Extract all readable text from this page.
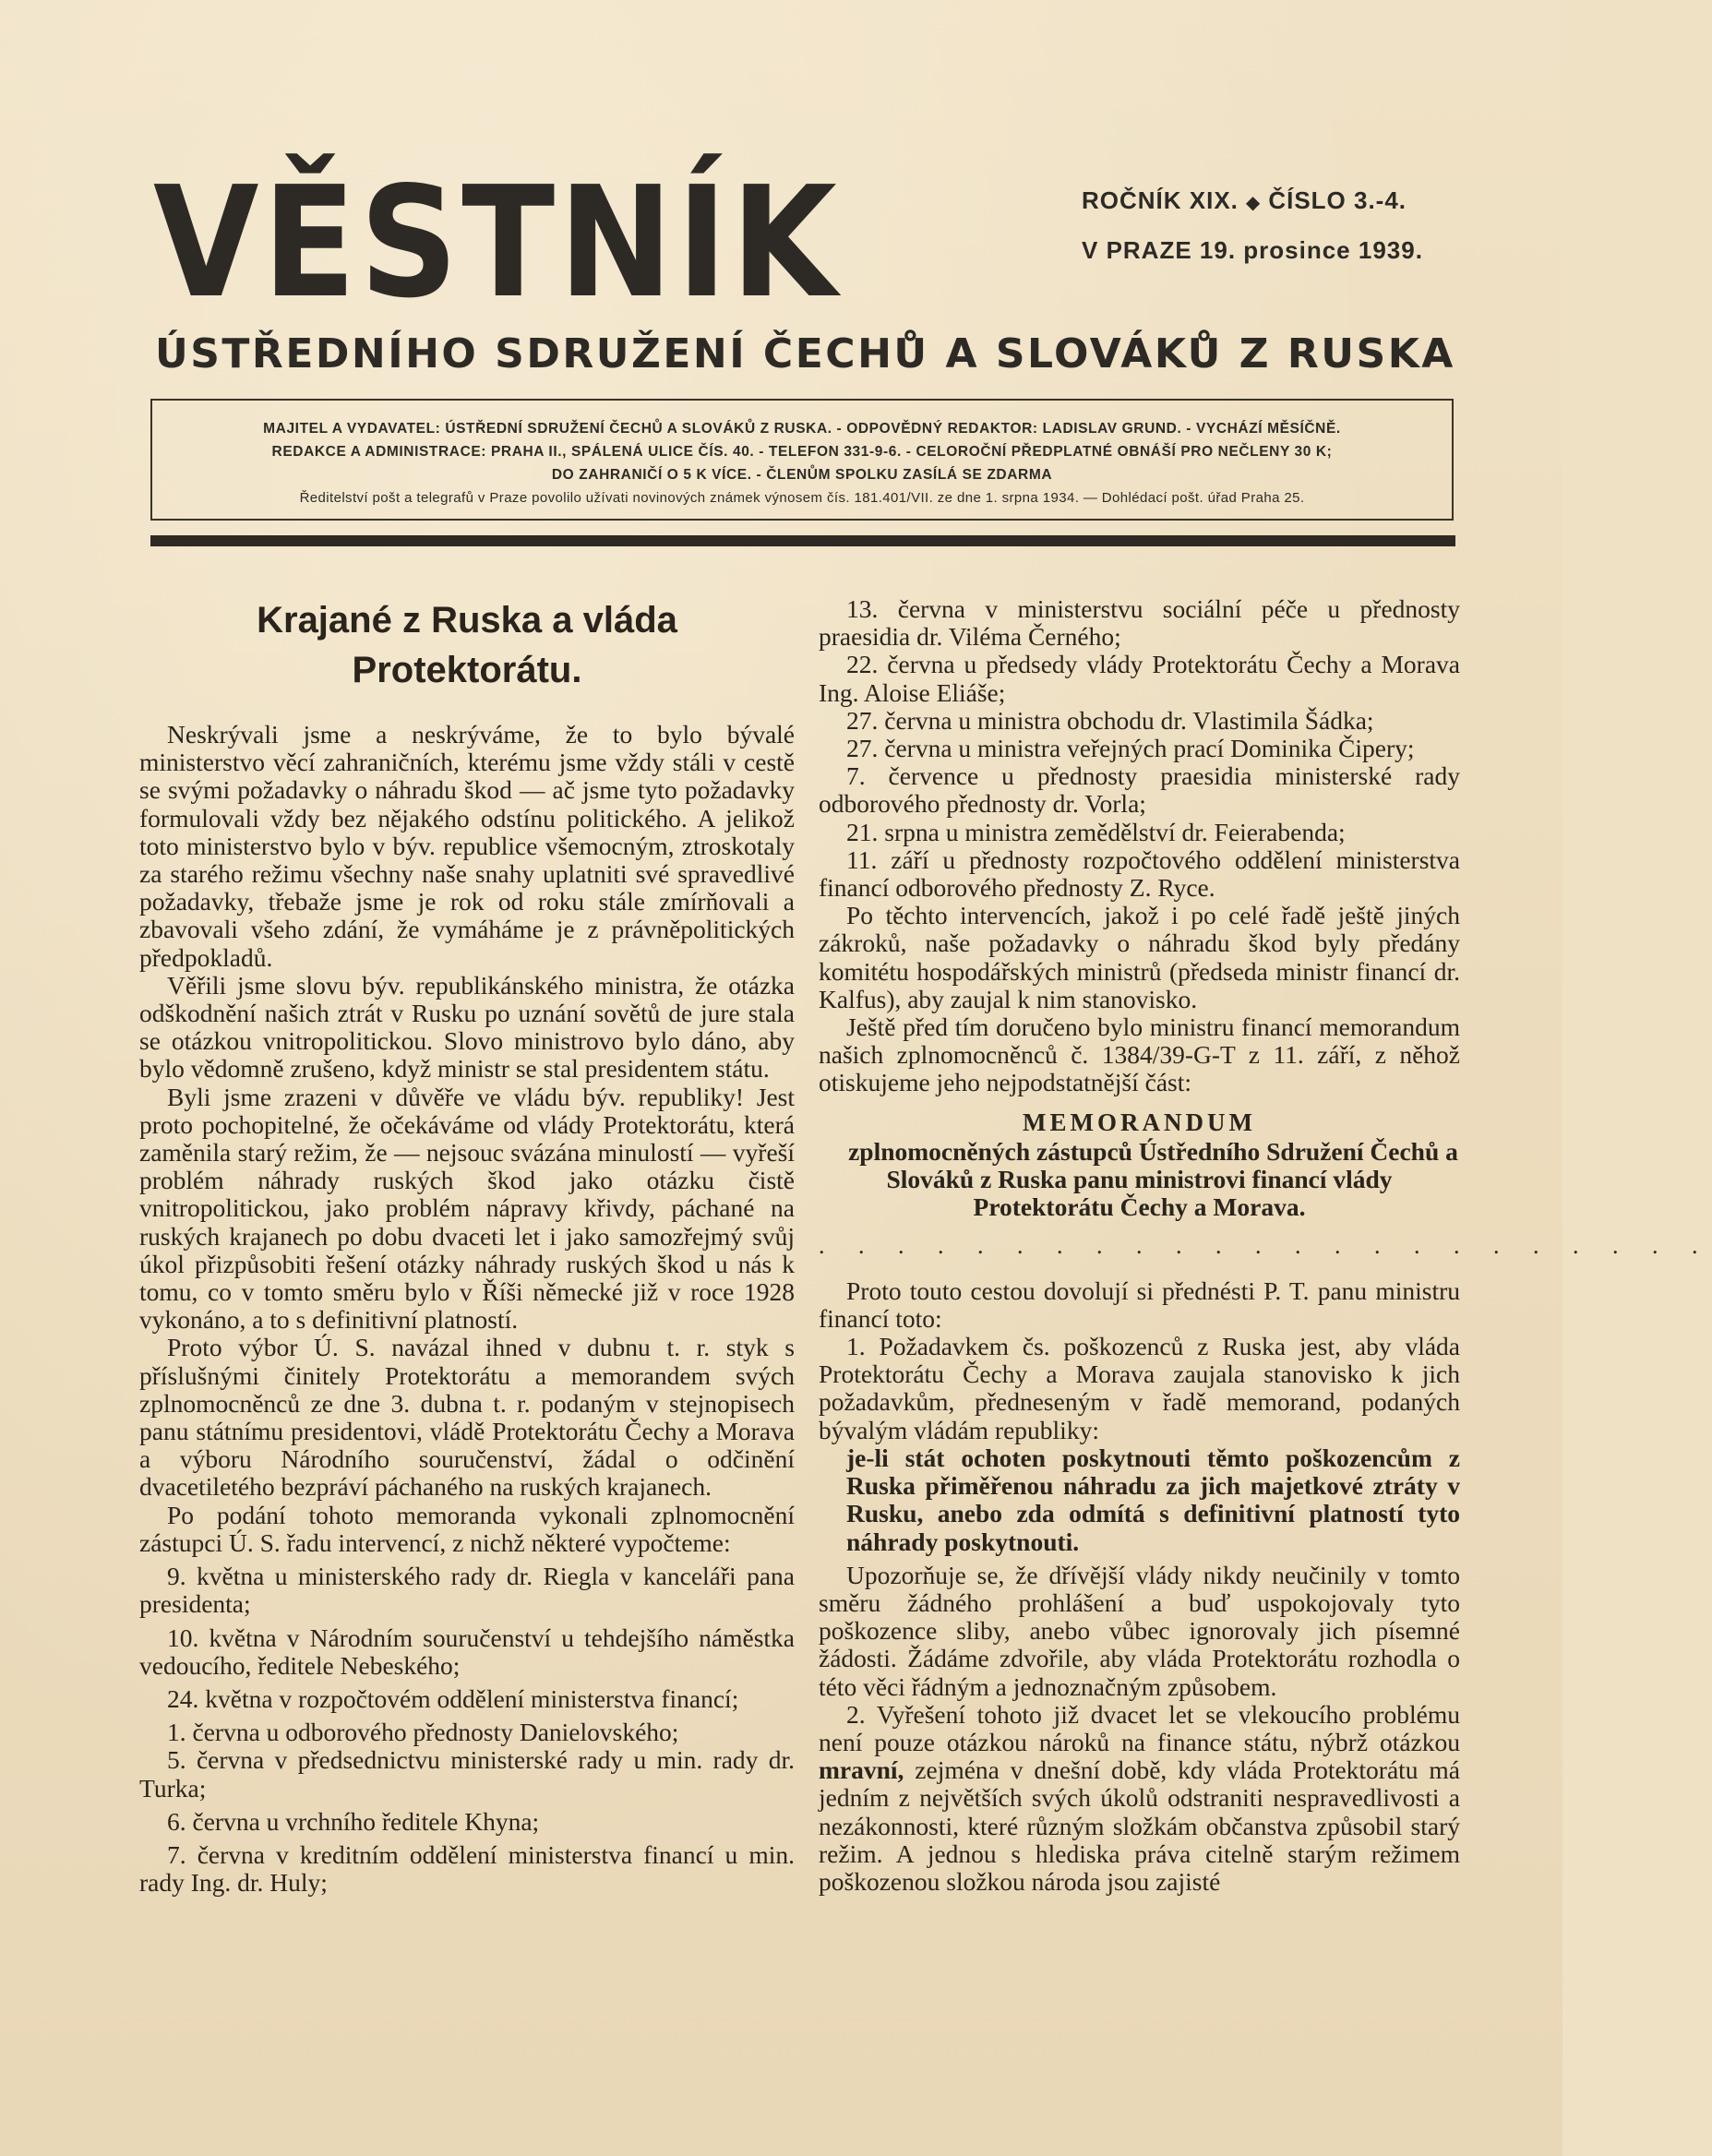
VĚSTNÍK	ROČNÍK XIX. ◆ ČÍSLO 3.-4.
V PRAZE 19. prosince 1939.
ÚSTŘEDNÍHO SDRUŽENÍ ČECHŮ A SLOVÁKŮ Z RUSKA
MAJITEL A VYDAVATEL: ÚSTŘEDNÍ SDRUŽENÍ ČECHŮ A SLOVÁKŮ Z RUSKA. - ODPOVĚDNÝ REDAKTOR: LADISLAV GRUND. - VYCHÁZÍ MĚSÍČNĚ.
REDAKCE A ADMINISTRACE: PRAHA II., SPÁLENÁ ULICE ČÍS. 40. - TELEFON 331-9-6. - CELOROČNÍ PŘEDPLATNÉ OBNÁŠÍ PRO NEČLENY 30 K;
DO ZAHRANIČÍ O 5 K VÍCE. - ČLENŮM SPOLKU ZASÍLÁ SE ZDARMA
Ředitelství pošt a telegrafů v Praze povolilo užívati novinových známek výnosem čís. 181.401/VII. ze dne 1. srpna 1934. — Dohlédací pošt. úřad Praha 25.
Krajané z Ruska a vláda
Protektorátu.

Neskrývali jsme a neskrýváme, že to bylo bývalé ministerstvo věcí zahraničních, kterému jsme vždy stáli v cestě se svými požadavky o náhradu škod — ač jsme tyto požadavky formulovali vždy bez nějakého odstínu politického. A jelikož toto ministerstvo bylo v býv. republice všemocným, ztroskotaly za starého režimu všechny naše snahy uplatniti své spravedlivé požadavky, třebaže jsme je rok od roku stále zmírňovali a zbavovali všeho zdání, že vymáháme je z právněpolitických předpokladů.

Věřili jsme slovu býv. republikánského ministra, že otázka odškodnění našich ztrát v Rusku po uznání sovětů de jure stala se otázkou vnitropolitickou. Slovo ministrovo bylo dáno, aby bylo vědomně zrušeno, když ministr se stal presidentem státu.

Byli jsme zrazeni v důvěře ve vládu býv. republiky! Jest proto pochopitelné, že očekáváme od vlády Protektorátu, která zaměnila starý režim, že — nejsouc svázána minulostí — vyřeší problém náhrady ruských škod jako otázku čistě vnitropolitickou, jako problém nápravy křivdy, páchané na ruských krajanech po dobu dvaceti let i jako samozřejmý svůj úkol přizpůsobiti řešení otázky náhrady ruských škod u nás k tomu, co v tomto směru bylo v Říši německé již v roce 1928 vykonáno, a to s definitivní platností.

Proto výbor Ú. S. navázal ihned v dubnu t. r. styk s příslušnými činitely Protektorátu a memorandem svých zplnomocněnců ze dne 3. dubna t. r. podaným v stejnopisech panu státnímu presidentovi, vládě Protektorátu Čechy a Morava a výboru Národního souručenství, žádal o odčinění dvacetiletého bezpráví páchaného na ruských krajanech.

Po podání tohoto memoranda vykonali zplnomocnění zástupci Ú. S. řadu intervencí, z nichž některé vypočteme:

9. května u ministerského rady dr. Riegla v kanceláři pana presidenta;

10. května v Národním souručenství u tehdejšího náměstka vedoucího, ředitele Nebeského;

24. května v rozpočtovém oddělení ministerstva financí;

1. června u odborového přednosty Danielovského;

5. června v předsednictvu ministerské rady u min. rady dr. Turka;

6. června u vrchního ředitele Khyna;

7. června v kreditním oddělení ministerstva financí u min. rady Ing. dr. Huly;

13. června v ministerstvu sociální péče u přednosty praesidia dr. Viléma Černého;

22. června u předsedy vlády Protektorátu Čechy a Morava Ing. Aloise Eliáše;

27. června u ministra obchodu dr. Vlastimila Šádka;

27. června u ministra veřejných prací Dominika Čipery;

7. července u přednosty praesidia ministerské rady odborového přednosty dr. Vorla;

21. srpna u ministra zemědělství dr. Feierabenda;

11. září u přednosty rozpočtového oddělení ministerstva financí odborového přednosty Z. Ryce.

Po těchto intervencích, jakož i po celé řadě ještě jiných zákroků, naše požadavky o náhradu škod byly předány komitétu hospodářských ministrů (předseda ministr financí dr. Kalfus), aby zaujal k nim stanovisko.

Ještě před tím doručeno bylo ministru financí memorandum našich zplnomocněnců č. 1384/39-G-T z 11. září, z něhož otiskujeme jeho nejpodstatnější část:

MEMORANDUM

zplnomocněných zástupců Ústředního Sdružení Čechů a Slováků z Ruska panu ministrovi financí vlády Protektorátu Čechy a Morava.

. . . . . . . . . . . . . . . . . . . . . . .

Proto touto cestou dovolují si přednésti P. T. panu ministru financí toto:

1. Požadavkem čs. poškozenců z Ruska jest, aby vláda Protektorátu Čechy a Morava zaujala stanovisko k jich požadavkům, předneseným v řadě memorand, podaných bývalým vládám republiky:

je-li stát ochoten poskytnouti těmto poškozencům z Ruska přiměřenou náhradu za jich majetkové ztráty v Rusku, anebo zda odmítá s definitivní platností tyto náhrady poskytnouti.

Upozorňuje se, že dřívější vlády nikdy neučinily v tomto směru žádného prohlášení a buď uspokojovaly tyto poškozence sliby, anebo vůbec ignorovaly jich písemné žádosti. Žádáme zdvořile, aby vláda Protektorátu rozhodla o této věci řádným a jednoznačným způsobem.

2. Vyřešení tohoto již dvacet let se vlekoucího problému není pouze otázkou nároků na finance státu, nýbrž otázkou mravní, zejména v dnešní době, kdy vláda Protektorátu má jedním z největších svých úkolů odstraniti nespravedlivosti a nezákonnosti, které různým složkám občanstva způsobil starý režim. A jednou s hlediska práva citelně starým režimem poškozenou složkou národa jsou zajisté
